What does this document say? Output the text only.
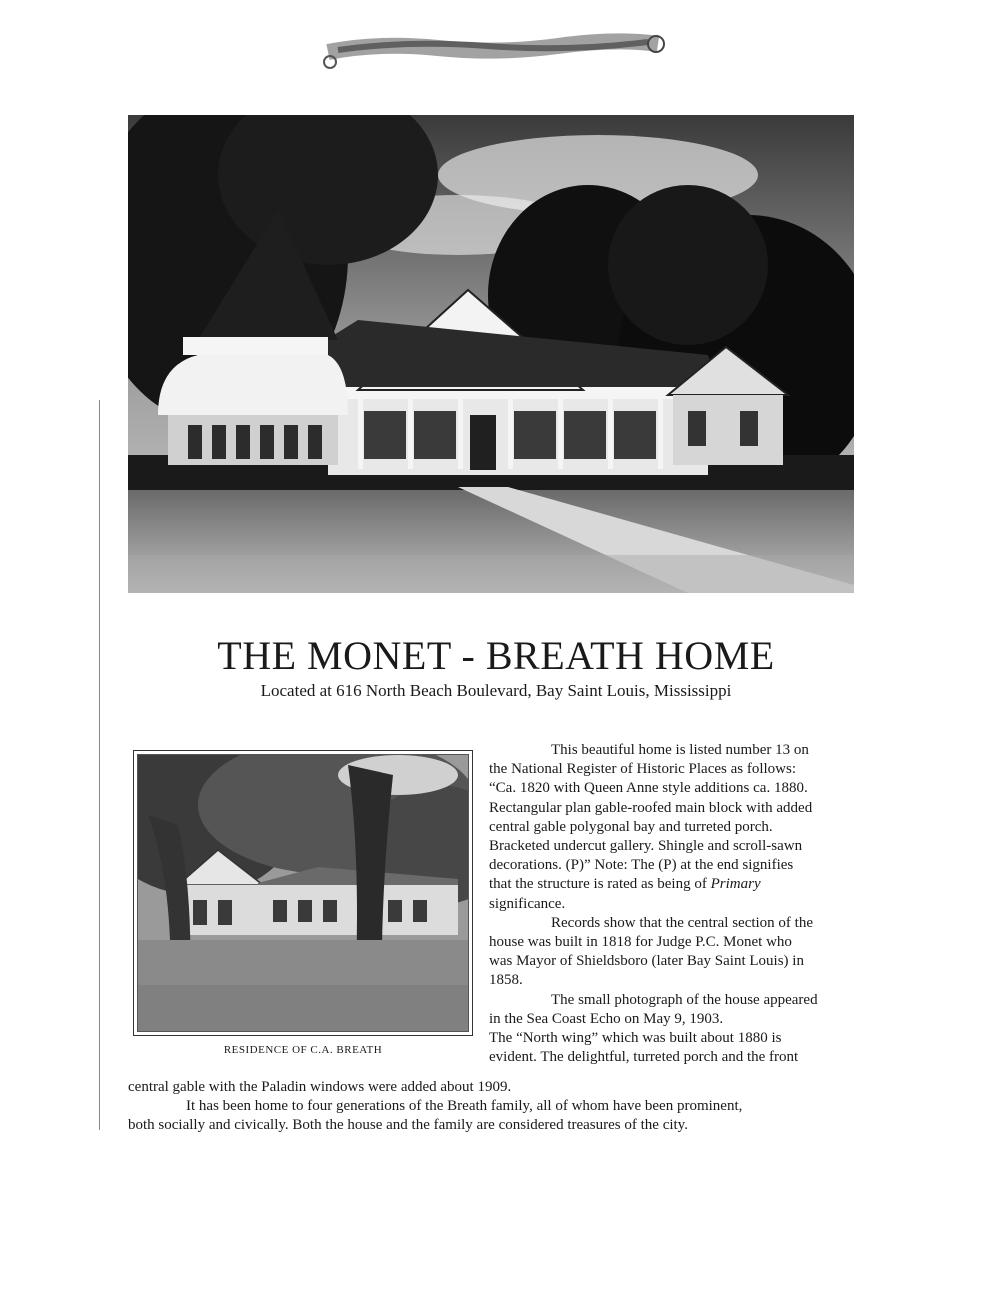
THE MONET - BREATH HOME

Located at 616 North Beach Boulevard, Bay Saint Louis, Mississippi

RESIDENCE OF C.A. BREATH

This beautiful home is listed number 13 on
the National Register of Historic Places as follows:
“Ca. 1820 with Queen Anne style additions ca. 1880.
Rectangular plan gable-roofed main block with added
central gable polygonal bay and turreted porch.
Bracketed undercut gallery. Shingle and scroll-sawn
decorations. (P)” Note: The (P) at the end signifies
that the structure is rated as being of Primary
significance.
Records show that the central section of the
house was built in 1818 for Judge P.C. Monet who
was Mayor of Shieldsboro (later Bay Saint Louis) in
1858.
The small photograph of the house appeared
in the Sea Coast Echo on May 9, 1903.
The “North wing” which was built about 1880 is
evident. The delightful, turreted porch and the front

central gable with the Paladin windows were added about 1909.
It has been home to four generations of the Breath family, all of whom have been prominent,
both socially and civically. Both the house and the family are considered treasures of the city.
